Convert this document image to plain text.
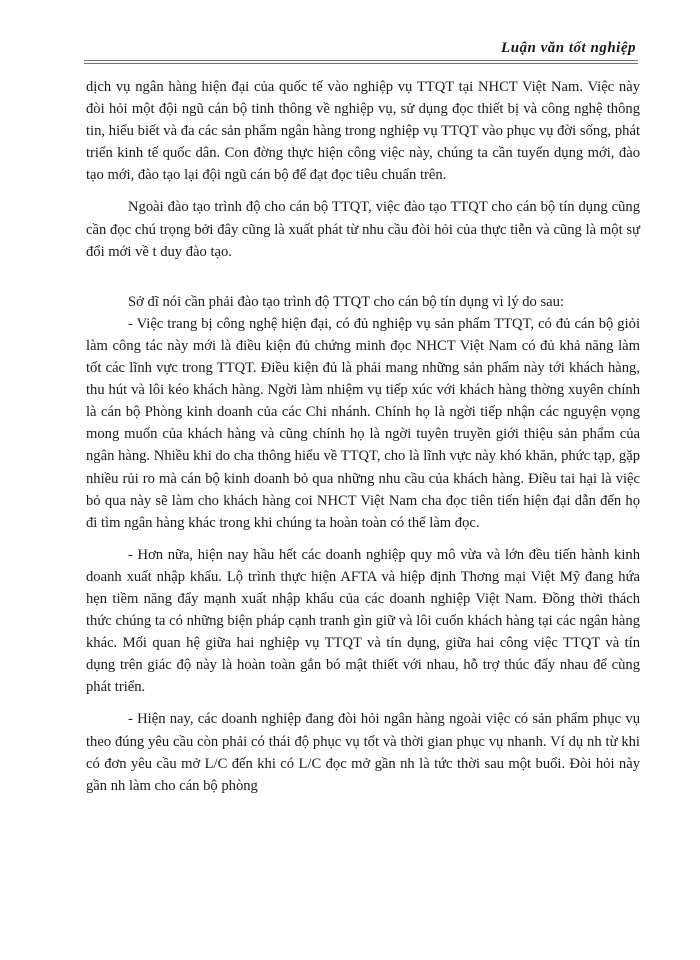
Luận văn tốt nghiệp

dịch vụ ngân hàng hiện đại của quốc tế vào nghiệp vụ TTQT tại NHCT Việt Nam. Việc này đòi hỏi một đội ngũ cán bộ tinh thông về nghiệp vụ, sử dụng đọc thiết bị và công nghệ thông tin, hiểu biết và đa các sản phẩm ngân hàng trong nghiệp vụ TTQT vào phục vụ đời sống, phát triển kinh tế quốc dân. Con đờng thực hiện công việc này, chúng ta cần tuyển dụng mới, đào tạo mới, đào tạo lại đội ngũ cán bộ để đạt đọc tiêu chuẩn trên.

Ngoài đào tạo trình độ cho cán bộ TTQT, việc đào tạo TTQT cho cán bộ tín dụng cũng cần đọc chú trọng bởi đây cũng là xuất phát từ nhu cầu đòi hỏi của thực tiễn và cũng là một sự đổi mới về t duy đào tạo.

Sở dĩ nói cần phải đào tạo trình độ TTQT cho cán bộ tín dụng vì lý do sau:

- Việc trang bị công nghệ hiện đại, có đủ nghiệp vụ sản phẩm TTQT, có đủ cán bộ giỏi làm công tác này mới là điều kiện đủ chứng minh đọc NHCT Việt Nam có đủ khả năng làm tốt các lĩnh vực trong TTQT. Điều kiện đủ là phải mang những sản phẩm này tới khách hàng, thu hút và lôi kéo khách hàng. Ngời làm nhiệm vụ tiếp xúc với khách hàng thờng xuyên chính là cán bộ Phòng kinh doanh của các Chi nhánh. Chính họ là ngời tiếp nhận các nguyện vọng mong muốn của khách hàng và cũng chính họ là ngời tuyên truyền giới thiệu sản phẩm của ngân hàng. Nhiều khi do cha thông hiểu về TTQT, cho là lĩnh vực này khó khăn, phức tạp, gặp nhiều rủi ro mà cán bộ kinh doanh bỏ qua những nhu cầu của khách hàng. Điều tai hại là việc bỏ qua này sẽ làm cho khách hàng coi NHCT Việt Nam cha đọc tiên tiến hiện đại dẫn đến họ đi tìm ngân hàng khác trong khi chúng ta hoàn toàn có thể làm đọc.

- Hơn nữa, hiện nay hầu hết các doanh nghiệp quy mô vừa và lớn đều tiến hành kinh doanh xuất nhập khẩu. Lộ trình thực hiện AFTA và hiệp định Thơng mại Việt Mỹ đang hứa hẹn tiềm năng đẩy mạnh xuất nhập khẩu của các doanh nghiệp Việt Nam. Đồng thời thách thức chúng ta có những biện pháp cạnh tranh gìn giữ và lôi cuốn khách hàng tại các ngân hàng khác. Mối quan hệ giữa hai nghiệp vụ TTQT và tín dụng, giữa hai công việc TTQT và tín dụng trên giác độ này là hoàn toàn gắn bó mật thiết với nhau, hỗ trợ thúc đẩy nhau để cùng phát triển.

- Hiện nay, các doanh nghiệp đang đòi hỏi ngân hàng ngoài việc có sản phẩm phục vụ theo đúng yêu cầu còn phải có thái độ phục vụ tốt và thời gian phục vụ nhanh. Ví dụ nh từ khi có đơn yêu cầu mở L/C đến khi có L/C đọc mở gần nh là tức thời sau một buổi. Đòi hỏi này gần nh làm cho cán bộ phòng
